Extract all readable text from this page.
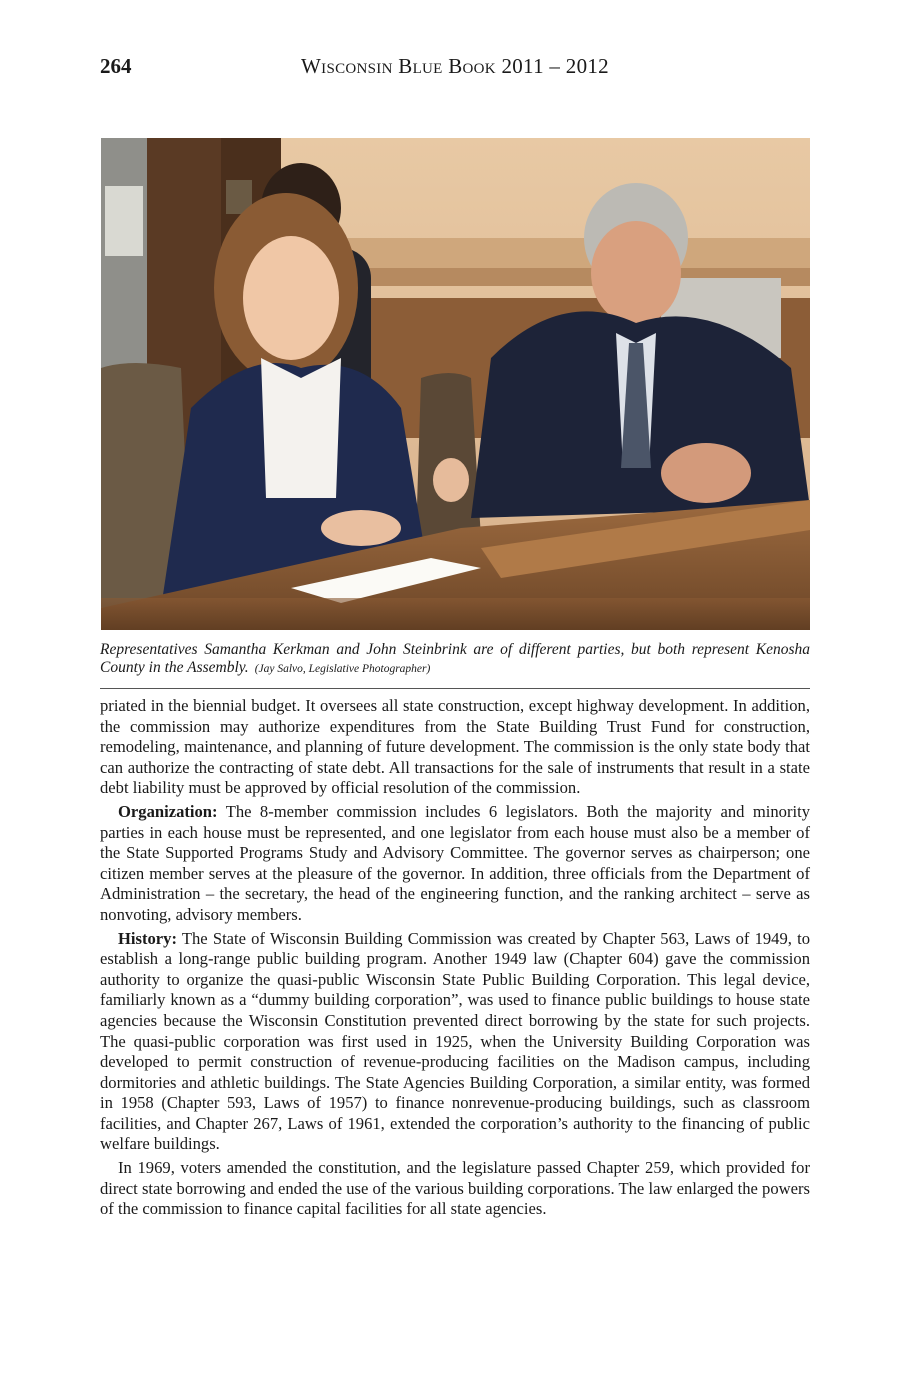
264	Wisconsin Blue Book 2011 – 2012
Representatives Samantha Kerkman and John Steinbrink are of different parties, but both represent Kenosha County in the Assembly. (Jay Salvo, Legislative Photographer)

priated in the biennial budget. It oversees all state construction, except highway development. In addition, the commission may authorize expenditures from the State Building Trust Fund for construction, remodeling, maintenance, and planning of future development. The commission is the only state body that can authorize the contracting of state debt. All transactions for the sale of instruments that result in a state debt liability must be approved by official resolution of the commission.

Organization: The 8-member commission includes 6 legislators. Both the majority and minority parties in each house must be represented, and one legislator from each house must also be a member of the State Supported Programs Study and Advisory Committee. The governor serves as chairperson; one citizen member serves at the pleasure of the governor. In addition, three officials from the Department of Administration – the secretary, the head of the engineering function, and the ranking architect – serve as nonvoting, advisory members.

History: The State of Wisconsin Building Commission was created by Chapter 563, Laws of 1949, to establish a long-range public building program. Another 1949 law (Chapter 604) gave the commission authority to organize the quasi-public Wisconsin State Public Building Corporation. This legal device, familiarly known as a “dummy building corporation”, was used to finance public buildings to house state agencies because the Wisconsin Constitution prevented direct borrowing by the state for such projects. The quasi-public corporation was first used in 1925, when the University Building Corporation was developed to permit construction of revenue-producing facilities on the Madison campus, including dormitories and athletic buildings. The State Agencies Building Corporation, a similar entity, was formed in 1958 (Chapter 593, Laws of 1957) to finance nonrevenue-producing buildings, such as classroom facilities, and Chapter 267, Laws of 1961, extended the corporation’s authority to the financing of public welfare buildings.

In 1969, voters amended the constitution, and the legislature passed Chapter 259, which provided for direct state borrowing and ended the use of the various building corporations. The law enlarged the powers of the commission to finance capital facilities for all state agencies.
